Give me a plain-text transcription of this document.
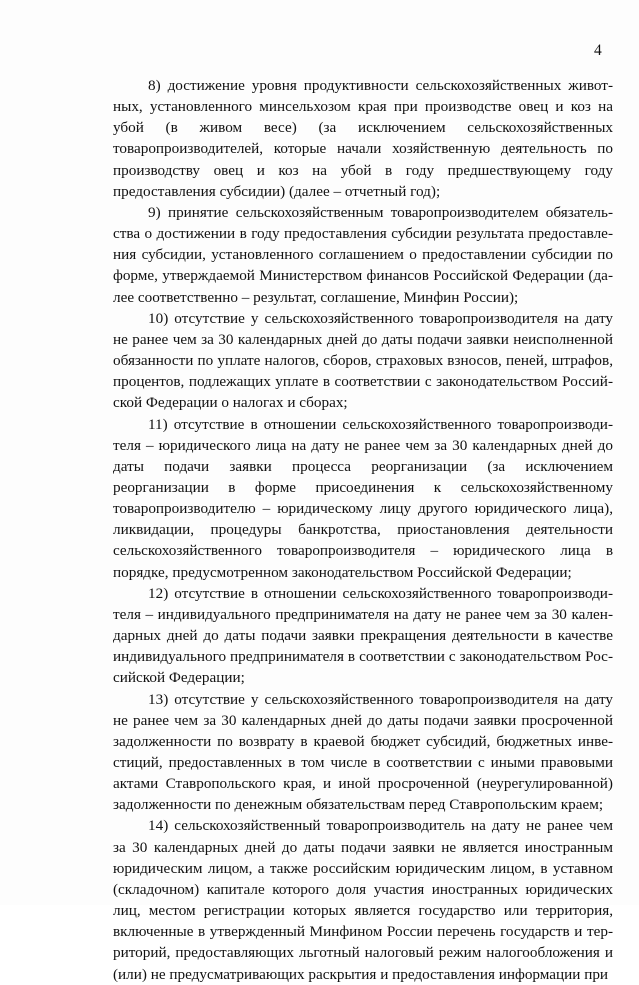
4

8) достижение уровня продуктивности сельскохозяйственных животных, установленного минсельхозом края при производстве овец и коз на убой (в живом весе) (за исключением сельскохозяйственных товаропроизводителей, которые начали хозяйственную деятельность по производству овец и коз на убой в году предшествующему году предоставления субсидии) (далее – отчетный год);

9) принятие сельскохозяйственным товаропроизводителем обязательства о достижении в году предоставления субсидии результата предоставления субсидии, установленного соглашением о предоставлении субсидии по форме, утверждаемой Министерством финансов Российской Федерации (далее соответственно – результат, соглашение, Минфин России);

10) отсутствие у сельскохозяйственного товаропроизводителя на дату не ранее чем за 30 календарных дней до даты подачи заявки неисполненной обязанности по уплате налогов, сборов, страховых взносов, пеней, штрафов, процентов, подлежащих уплате в соответствии с законодательством Российской Федерации о налогах и сборах;

11) отсутствие в отношении сельскохозяйственного товаропроизводителя – юридического лица на дату не ранее чем за 30 календарных дней до даты подачи заявки процесса реорганизации (за исключением реорганизации в форме присоединения к сельскохозяйственному товаропроизводителю – юридическому лицу другого юридического лица), ликвидации, процедуры банкротства, приостановления деятельности сельскохозяйственного товаропроизводителя – юридического лица в порядке, предусмотренном законодательством Российской Федерации;

12) отсутствие в отношении сельскохозяйственного товаропроизводителя – индивидуального предпринимателя на дату не ранее чем за 30 календарных дней до даты подачи заявки прекращения деятельности в качестве индивидуального предпринимателя в соответствии с законодательством Российской Федерации;

13) отсутствие у сельскохозяйственного товаропроизводителя на дату не ранее чем за 30 календарных дней до даты подачи заявки просроченной задолженности по возврату в краевой бюджет субсидий, бюджетных инвестиций, предоставленных в том числе в соответствии с иными правовыми актами Ставропольского края, и иной просроченной (неурегулированной) задолженности по денежным обязательствам перед Ставропольским краем;

14) сельскохозяйственный товаропроизводитель на дату не ранее чем за 30 календарных дней до даты подачи заявки не является иностранным юридическим лицом, а также российским юридическим лицом, в уставном (складочном) капитале которого доля участия иностранных юридических лиц, местом регистрации которых является государство или территория, включенные в утвержденный Минфином России перечень государств и территорий, предоставляющих льготный налоговый режим налогообложения и (или) не предусматривающих раскрытия и предоставления информации при
